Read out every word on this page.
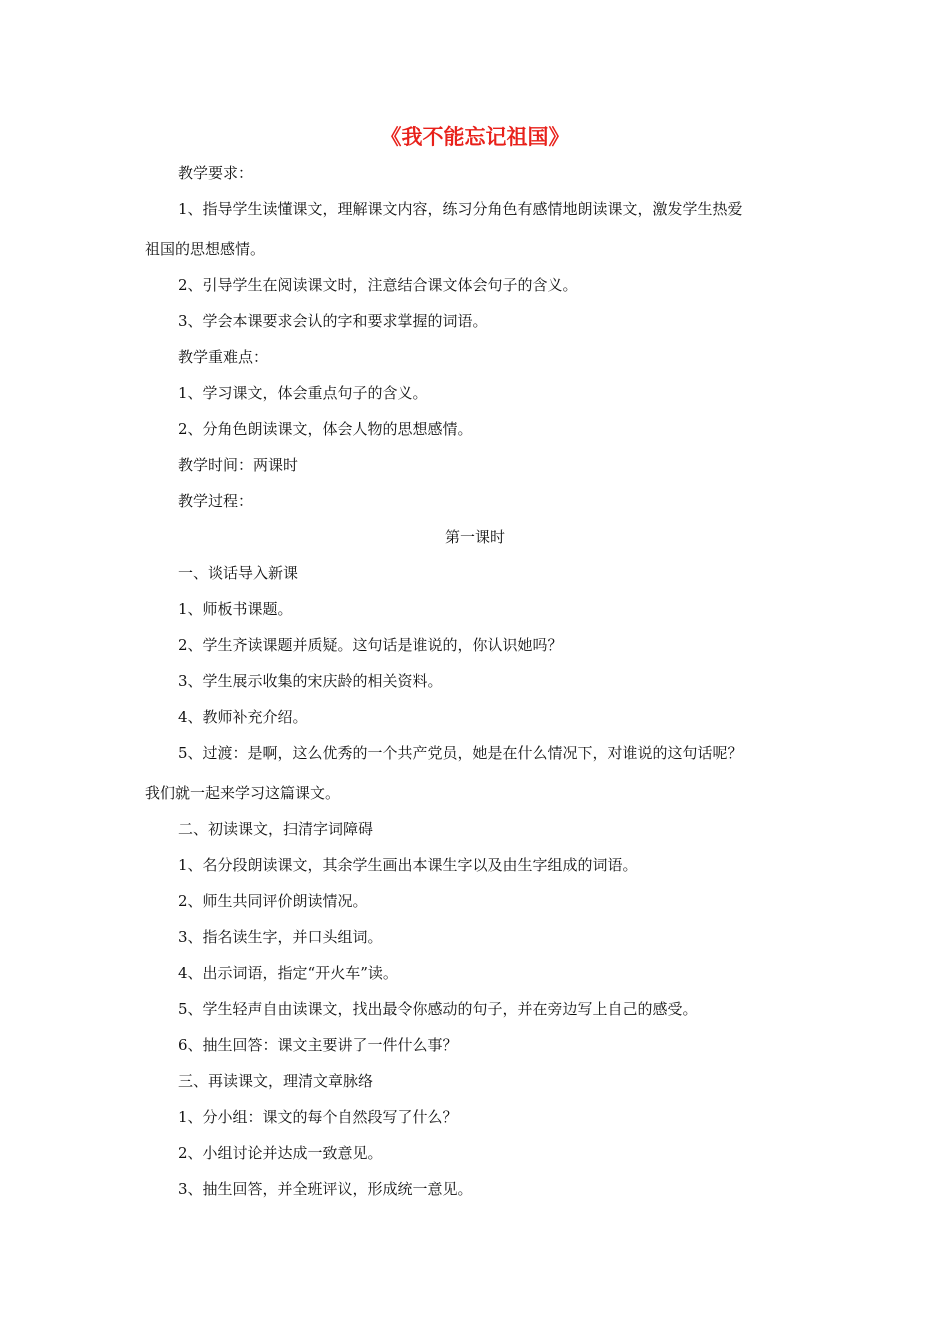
《我不能忘记祖国》
教学要求：
1、指导学生读懂课文，理解课文内容，练习分角色有感情地朗读课文，激发学生热爱
祖国的思想感情。
2、引导学生在阅读课文时，注意结合课文体会句子的含义。
3、学会本课要求会认的字和要求掌握的词语。
教学重难点：
1、学习课文，体会重点句子的含义。
2、分角色朗读课文，体会人物的思想感情。
教学时间：两课时
教学过程：
第一课时
一、谈话导入新课
1、师板书课题。
2、学生齐读课题并质疑。这句话是谁说的，你认识她吗？
3、学生展示收集的宋庆龄的相关资料。
4、教师补充介绍。
5、过渡：是啊，这么优秀的一个共产党员，她是在什么情况下，对谁说的这句话呢？
我们就一起来学习这篇课文。
二、初读课文，扫清字词障碍
1、名分段朗读课文，其余学生画出本课生字以及由生字组成的词语。
2、师生共同评价朗读情况。
3、指名读生字，并口头组词。
4、出示词语，指定“开火车”读。
5、学生轻声自由读课文，找出最令你感动的句子，并在旁边写上自己的感受。
6、抽生回答：课文主要讲了一件什么事？
三、再读课文，理清文章脉络
1、分小组：课文的每个自然段写了什么？
2、小组讨论并达成一致意见。
3、抽生回答，并全班评议，形成统一意见。
